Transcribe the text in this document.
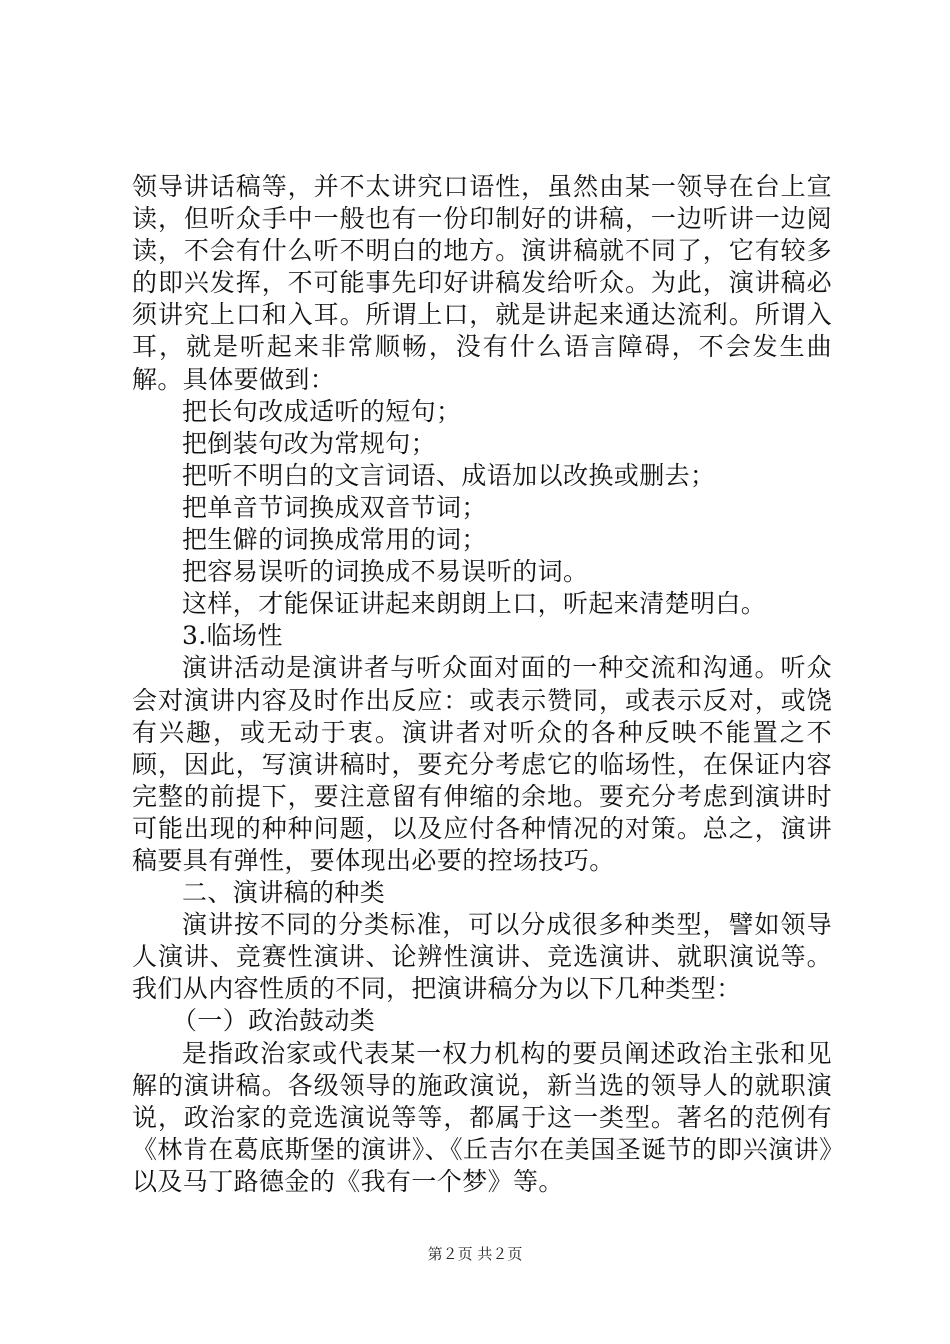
领导讲话稿等，并不太讲究口语性，虽然由某一领导在台上宣读，但听众手中一般也有一份印制好的讲稿，一边听讲一边阅读，不会有什么听不明白的地方。演讲稿就不同了，它有较多的即兴发挥，不可能事先印好讲稿发给听众。为此，演讲稿必须讲究上口和入耳。所谓上口，就是讲起来通达流利。所谓入耳，就是听起来非常顺畅，没有什么语言障碍，不会发生曲解。具体要做到：

把长句改成适听的短句；

把倒装句改为常规句；

把听不明白的文言词语、成语加以改换或删去；

把单音节词换成双音节词；

把生僻的词换成常用的词；

把容易误听的词换成不易误听的词。

这样，才能保证讲起来朗朗上口，听起来清楚明白。

3.临场性

演讲活动是演讲者与听众面对面的一种交流和沟通。听众会对演讲内容及时作出反应：或表示赞同，或表示反对，或饶有兴趣，或无动于衷。演讲者对听众的各种反映不能置之不顾，因此，写演讲稿时，要充分考虑它的临场性，在保证内容完整的前提下，要注意留有伸缩的余地。要充分考虑到演讲时可能出现的种种问题，以及应付各种情况的对策。总之，演讲稿要具有弹性，要体现出必要的控场技巧。

二、演讲稿的种类

演讲按不同的分类标准，可以分成很多种类型，譬如领导人演讲、竞赛性演讲、论辨性演讲、竞选演讲、就职演说等。我们从内容性质的不同，把演讲稿分为以下几种类型：

（一）政治鼓动类

是指政治家或代表某一权力机构的要员阐述政治主张和见解的演讲稿。各级领导的施政演说，新当选的领导人的就职演说，政治家的竞选演说等等，都属于这一类型。著名的范例有《林肯在葛底斯堡的演讲》、《丘吉尔在美国圣诞节的即兴演讲》以及马丁路德金的《我有一个梦》等。

第２页 共２页
